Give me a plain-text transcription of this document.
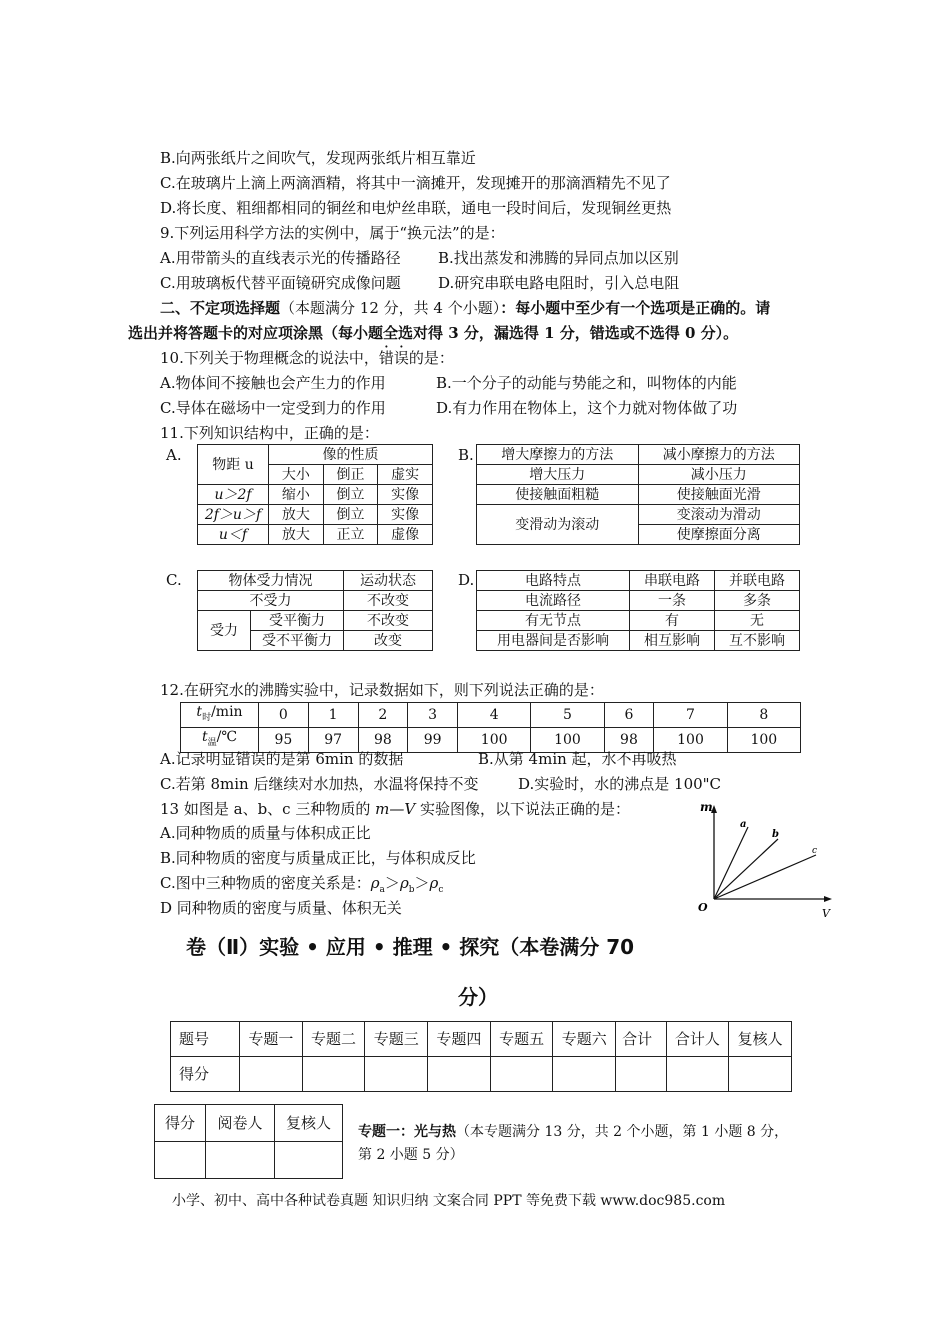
B.向两张纸片之间吹气，发现两张纸片相互靠近
C.在玻璃片上滴上两滴酒精，将其中一滴摊开，发现摊开的那滴酒精先不见了
D.将长度、粗细都相同的铜丝和电炉丝串联，通电一段时间后，发现铜丝更热
9.下列运用科学方法的实例中，属于“换元法”的是：
A.用带箭头的直线表示光的传播路径 B.找出蒸发和沸腾的异同点加以区别
C.用玻璃板代替平面镜研究成像问题 D.研究串联电路电阻时，引入总电阻
二、不定项选择题（本题满分 12 分，共 4 个小题）：每小题中至少有一个选项是正确的。请
选出并将答题卡的对应项涂黑（每小题全选对得 3 分，漏选得 1 分，错选或不选得 0 分）。
10.下列关于物理概念的说法中，错误的是：
A.物体间不接触也会产生力的作用	B.一个分子的动能与势能之和，叫物体的内能
C.导体在磁场中一定受到力的作用	D.有力作用在物体上，这个力就对物体做了功
11.下列知识结构中，正确的是：
A.
物距 u	像的性质		
	大小	倒正	虚实
u＞2f	缩小	倒立	实像
2f＞u＞f	放大	倒立	实像
u＜f	放大	正立	虚像
B. 增大摩擦力的方法	减小摩擦力的方法
增大压力	减小压力
使接触面粗糙	使接触面光滑
变滑动为滚动	变滚动为滑动
	使摩擦面分离
C.	物体受力情况		运动状态
不受力		不改变
受力	受平衡力	不改变
	受不平衡力	改变
D.	电路特点	串联电路	并联电路
电流路径	一条	多条
有无节点	有	无
用电器间是否影响	相互影响	互不影响
12.在研究水的沸腾实验中，记录数据如下，则下列说法正确的是：
$t_时/\min$	0	1	2	3	4	5	6	7	8
$t_温/℃$	95	97	98	99	100	100	98	100	100
A.记录明显错误的是第 6min 的数据	B.从第 4min 起，水不再吸热
C.若第 8min 后继续对水加热，水温将保持不变	D.实验时，水的沸点是 100"C
13 如图是 a、b、c 三种物质的 m—V 实验图像，以下说法正确的是：
A.同种物质的质量与体积成正比
B.同种物质的密度与质量成正比，与体积成反比
C.图中三种物质的密度关系是：$\rho_a>\rho_b>\rho_c$
D 同种物质的密度与质量、体积无关
m
V
O
a
b
c
卷（Ⅱ）实验 • 应用 • 推理 • 探究（本卷满分 70
分）
题号	专题一	专题二	专题三	专题四	专题五	专题六	合计	合计人	复核人
得分									
得分	阅卷人	复核人
		专题一：光与热（本专题满分 13 分，共 2 个小题，第 1 小题 8 分，
第 2 小题 5 分）
小学、初中、高中各种试卷真题 知识归纳 文案合同 PPT 等免费下载 www.doc985.com
